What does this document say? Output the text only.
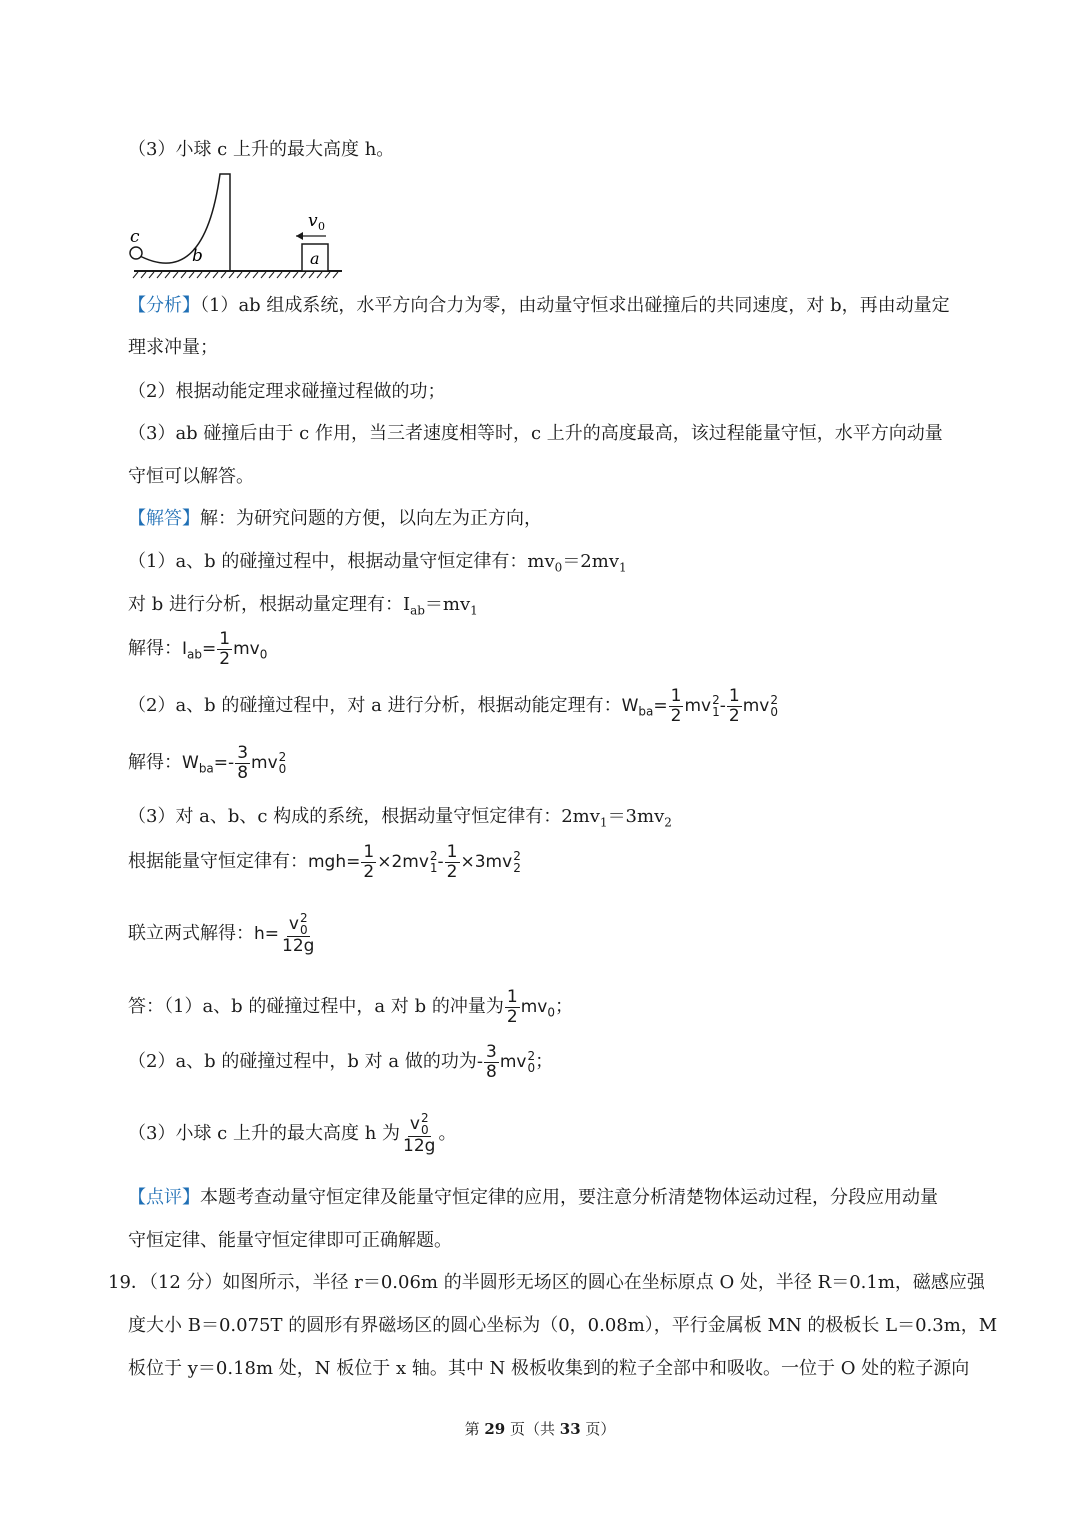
（3）小球 c 上升的最大高度 h。
c
b	a
v 0
【分析】（1）ab 组成系统，水平方向合力为零，由动量守恒求出碰撞后的共同速度，对 b，再由动量定
理求冲量；
（2）根据动能定理求碰撞过程做的功；
（3）ab 碰撞后由于 c 作用，当三者速度相等时，c 上升的高度最高，该过程能量守恒，水平方向动量
守恒可以解答。
【解答】解：为研究问题的方便，以向左为正方向，
（1）a、b 的碰撞过程中，根据动量守恒定律有：$mv_0=2mv_1$
对 b 进行分析，根据动量定理有：$I_{ab}=mv_1$
解得：$I_{ab}= \frac{1}{2} mv_0$
（2）a、b 的碰撞过程中，对 a 进行分析，根据动能定理有：$W_{ba}= \frac{1}{2}$ mv 2
$1 - \frac{1}{2}$ mv 2
0
解得：$W_{ba}=- \frac{3}{8}$ mv 2
0
（3）对 a、b、c 构成的系统，根据动量守恒定律有：$2mv_1=3mv_2$
根据能量守恒定律有：$mgh= \frac{1}{2} \times 2mv$ 2
$1 - \frac{1}{2} \times 3mv$ 2
2
联立两式解得：h= v 2
0
12g
答：（1）a、b 的碰撞过程中，a 对 b 的冲量为 $\frac{1}{2} mv_0$；
（2）a、b 的碰撞过程中，b 对 a 做的功为- $\frac{3}{8}$ mv 2
0 ；
（3）小球 c 上升的最大高度 h 为 v 2
0
12g 。
【点评】本题考查动量守恒定律及能量守恒定律的应用，要注意分析清楚物体运动过程，分段应用动量
守恒定律、能量守恒定律即可正确解题。
19．（12 分）如图所示，半径 r＝0.06m 的半圆形无场区的圆心在坐标原点 O 处，半径 R＝0.1m，磁感应强
度大小 B＝0.075T 的圆形有界磁场区的圆心坐标为（0，0.08m），平行金属板 MN 的极板长 L＝0.3m，M
板位于 y＝0.18m 处，N 板位于 x 轴。其中 N 极板收集到的粒子全部中和吸收。一位于 O 处的粒子源向
第 29 页（共 33 页）
